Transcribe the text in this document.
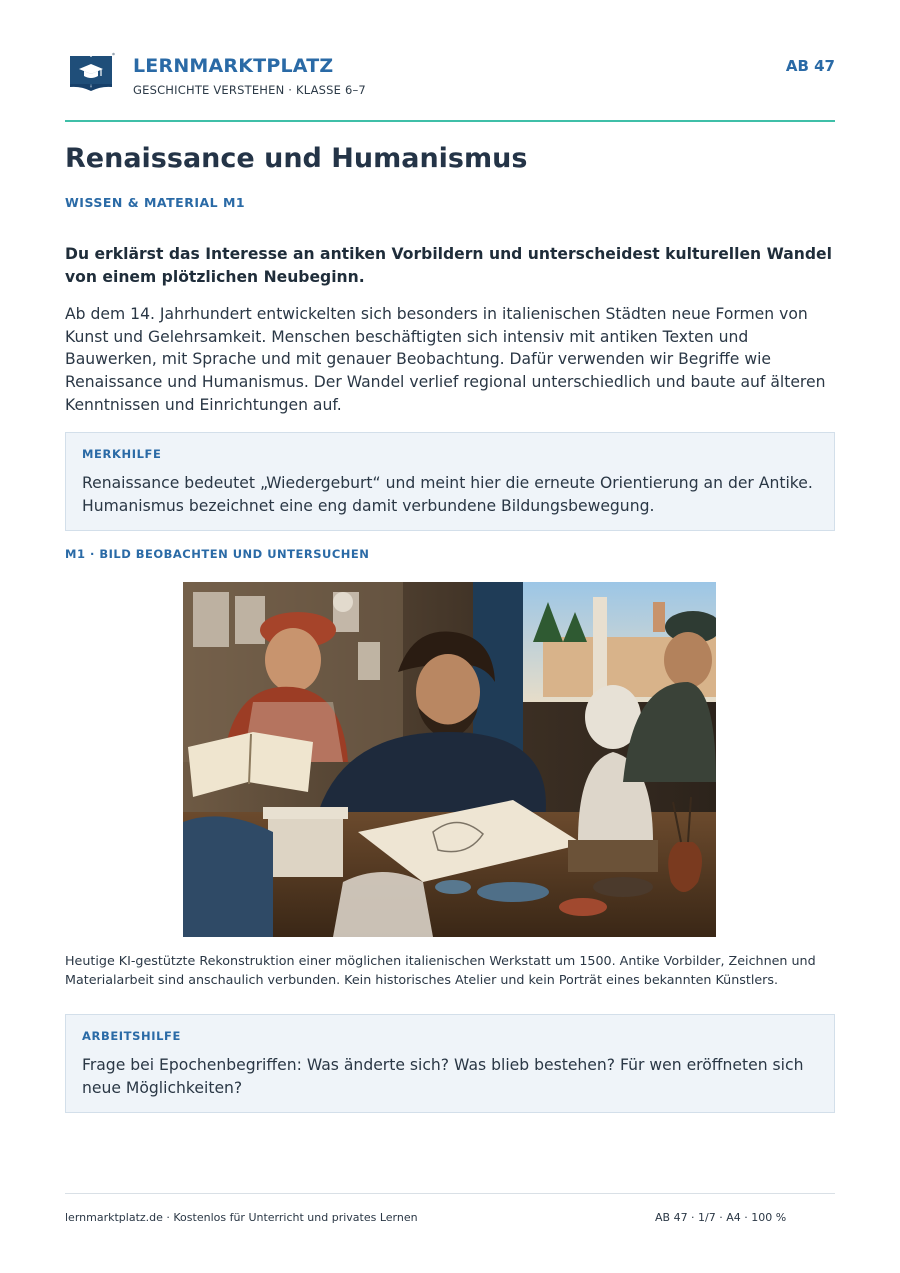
LERNMARKTPLATZ
GESCHICHTE VERSTEHEN · KLASSE 6–7
AB 47
Renaissance und Humanismus
WISSEN & MATERIAL M1
Du erklärst das Interesse an antiken Vorbildern und unterscheidest kulturellen Wandel von einem plötzlichen Neubeginn.
Ab dem 14. Jahrhundert entwickelten sich besonders in italienischen Städten neue Formen von Kunst und Gelehrsamkeit. Menschen beschäftigten sich intensiv mit antiken Texten und Bauwerken, mit Sprache und mit genauer Beobachtung. Dafür verwenden wir Begriffe wie Renaissance und Humanismus. Der Wandel verlief regional unterschiedlich und baute auf älteren Kenntnissen und Einrichtungen auf.
MERKHILFE
Renaissance bedeutet „Wiedergeburt“ und meint hier die erneute Orientierung an der Antike. Humanismus bezeichnet eine eng damit verbundene Bildungsbewegung.
M1 · BILD BEOBACHTEN UND UNTERSUCHEN
Heutige KI-gestützte Rekonstruktion einer möglichen italienischen Werkstatt um 1500. Antike Vorbilder, Zeichnen und Materialarbeit sind anschaulich verbunden. Kein historisches Atelier und kein Porträt eines bekannten Künstlers.
ARBEITSHILFE
Frage bei Epochenbegriffen: Was änderte sich? Was blieb bestehen? Für wen eröffneten sich neue Möglichkeiten?
lernmarktplatz.de · Kostenlos für Unterricht und privates Lernen	AB 47 · 1/7 · A4 · 100 %
